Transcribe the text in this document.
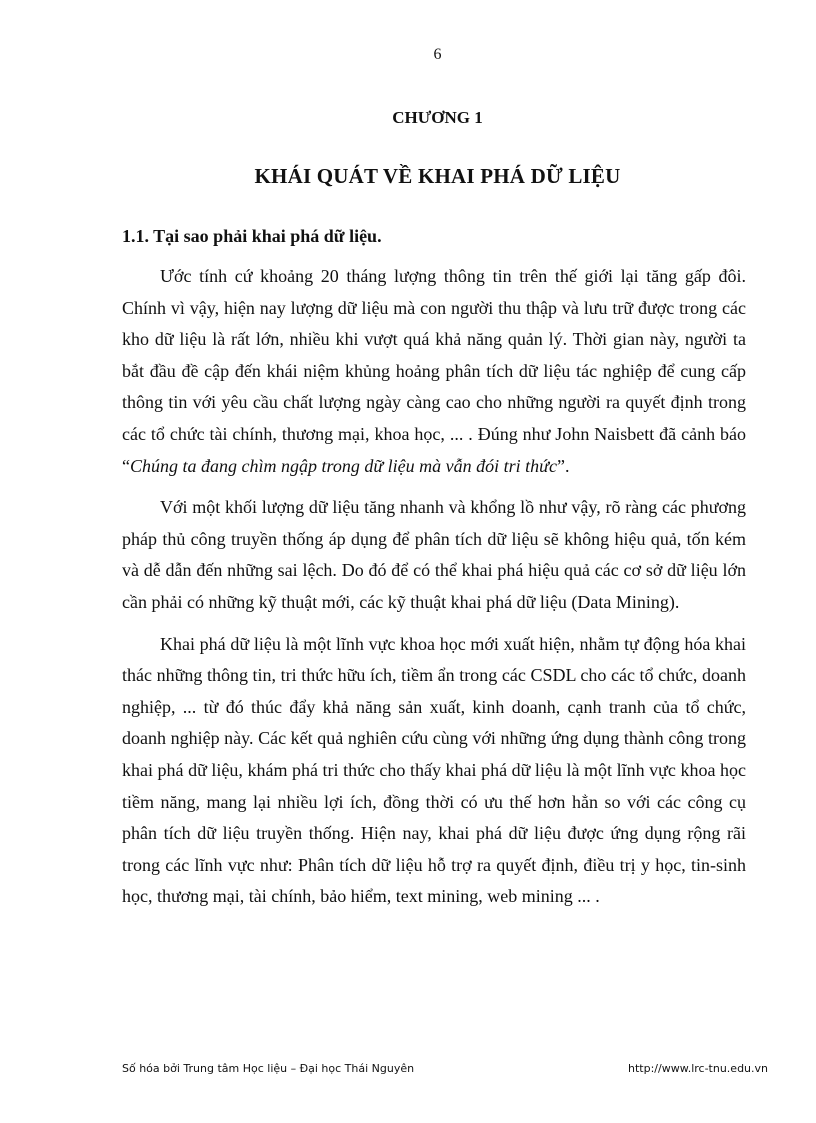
6
CHƯƠNG 1
KHÁI QUÁT VỀ KHAI PHÁ DỮ LIỆU
1.1. Tại sao phải khai phá dữ liệu.

Ước tính cứ khoảng 20 tháng lượng thông tin trên thế giới lại tăng gấp đôi. Chính vì vậy, hiện nay lượng dữ liệu mà con người thu thập và lưu trữ được trong các kho dữ liệu là rất lớn, nhiều khi vượt quá khả năng quản lý. Thời gian này, người ta bắt đầu đề cập đến khái niệm khủng hoảng phân tích dữ liệu tác nghiệp để cung cấp thông tin với yêu cầu chất lượng ngày càng cao cho những người ra quyết định trong các tổ chức tài chính, thương mại, khoa học, ... . Đúng như John Naisbett đã cảnh báo “Chúng ta đang chìm ngập trong dữ liệu mà vẫn đói tri thức”.

Với một khối lượng dữ liệu tăng nhanh và khổng lồ như vậy, rõ ràng các phương pháp thủ công truyền thống áp dụng để phân tích dữ liệu sẽ không hiệu quả, tốn kém và dễ dẫn đến những sai lệch. Do đó để có thể khai phá hiệu quả các cơ sở dữ liệu lớn cần phải có những kỹ thuật mới, các kỹ thuật khai phá dữ liệu (Data Mining).

Khai phá dữ liệu là một lĩnh vực khoa học mới xuất hiện, nhằm tự động hóa khai thác những thông tin, tri thức hữu ích, tiềm ẩn trong các CSDL cho các tổ chức, doanh nghiệp, ... từ đó thúc đẩy khả năng sản xuất, kinh doanh, cạnh tranh của tổ chức, doanh nghiệp này. Các kết quả nghiên cứu cùng với những ứng dụng thành công trong khai phá dữ liệu, khám phá tri thức cho thấy khai phá dữ liệu là một lĩnh vực khoa học tiềm năng, mang lại nhiều lợi ích, đồng thời có ưu thế hơn hẳn so với các công cụ phân tích dữ liệu truyền thống. Hiện nay, khai phá dữ liệu được ứng dụng rộng rãi trong các lĩnh vực như: Phân tích dữ liệu hỗ trợ ra quyết định, điều trị y học, tin-sinh học, thương mại, tài chính, bảo hiểm, text mining, web mining ... .

Số hóa bởi Trung tâm Học liệu – Đại học Thái Nguyên	http://www.lrc-tnu.edu.vn
